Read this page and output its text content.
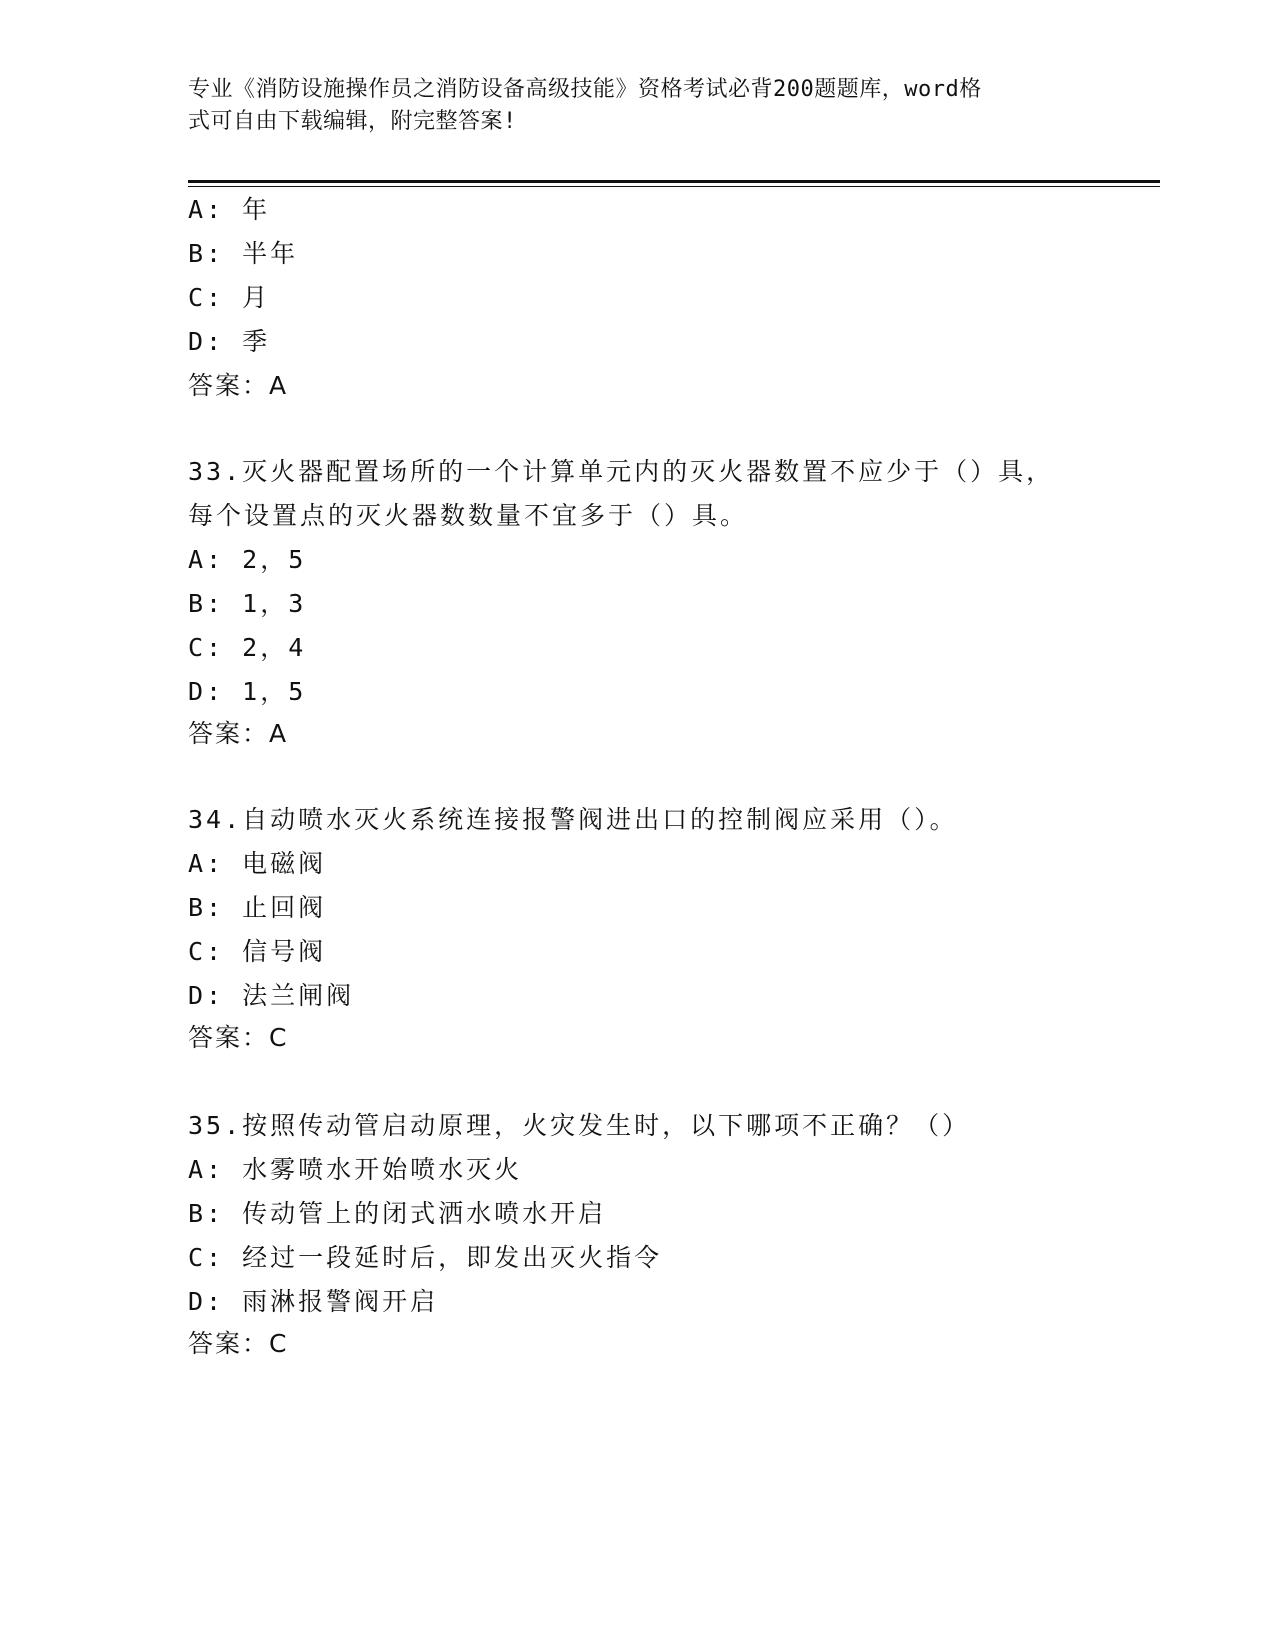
专业《消防设施操作员之消防设备高级技能》资格考试必背200题题库，word格
式可自由下载编辑，附完整答案!
A: 年
B: 半年
C: 月
D: 季
答案：A
33.灭火器配置场所的一个计算单元内的灭火器数置不应少于（）具，
每个设置点的灭火器数数量不宜多于（）具。
A: 2，5
B: 1，3
C: 2，4
D: 1，5
答案：A
34.自动喷水灭火系统连接报警阀进出口的控制阀应采用（）。
A: 电磁阀
B: 止回阀
C: 信号阀
D: 法兰闸阀
答案：C
35.按照传动管启动原理，火灾发生时，以下哪项不正确？（）
A: 水雾喷水开始喷水灭火
B: 传动管上的闭式洒水喷水开启
C: 经过一段延时后，即发出灭火指令
D: 雨淋报警阀开启
答案：C
